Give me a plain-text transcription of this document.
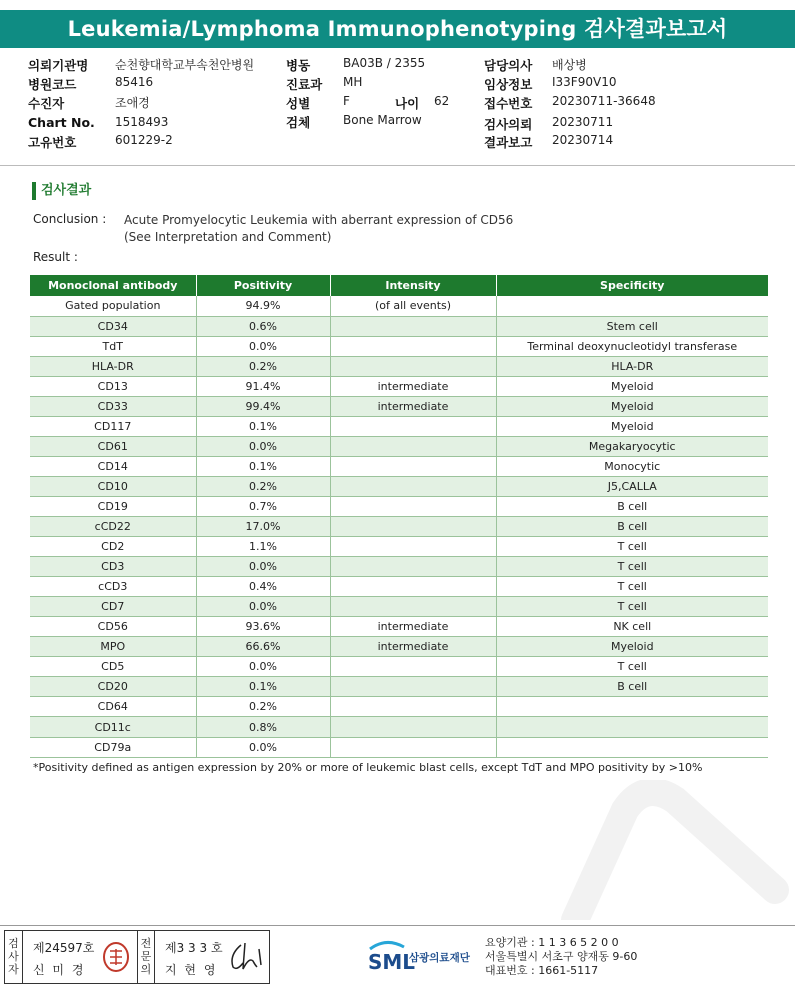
Leukemia/Lymphoma Immunophenotyping 검사결과보고서
의뢰기관명 순천향대학교부속천안병원
병원코드	85416
수진자	조애경
Chart No. 1518493
고유번호	601229-2
병동	BA03B / 2355
진료과 MH
성별	F	나이 62
검체	Bone Marrow
담당의사 배상병
임상정보 I33F90V10
접수번호 20230711-36648
검사의뢰 20230711
결과보고 20230714
검사결과
Conclusion : Acute Promyelocytic Leukemia with aberrant expression of CD56
(See Interpretation and Comment)
Result :
Monoclonal antibody	Positivity	Intensity	Specificity
Gated population	94.9%	(of all events)	
CD34	0.6%		Stem cell
TdT	0.0%		Terminal deoxynucleotidyl transferase
HLA-DR	0.2%		HLA-DR
CD13	91.4%	intermediate	Myeloid
CD33	99.4%	intermediate	Myeloid
CD117	0.1%		Myeloid
CD61	0.0%		Megakaryocytic
CD14	0.1%		Monocytic
CD10	0.2%		J5,CALLA
CD19	0.7%		B cell
cCD22	17.0%		B cell
CD2	1.1%		T cell
CD3	0.0%		T cell
cCD3	0.4%		T cell
CD7	0.0%		T cell
CD56	93.6%	intermediate	NK cell
MPO	66.6%	intermediate	Myeloid
CD5	0.0%		T cell
CD20	0.1%		B cell
CD64	0.2%		
CD11c	0.8%		
CD79a	0.0%		
*Positivity defined as antigen expression by 20% or more of leukemic blast cells, except TdT and MPO positivity by >10%
검
사
자
제24597호
신 미 경
전
문
의
제3 3 3 호
지 현 영	SML
삼광의료재단
요양기관 : 1 1 3 6 5 2 0 0
서울특별시 서초구 양재동 9-60
대표번호 : 1661-5117
